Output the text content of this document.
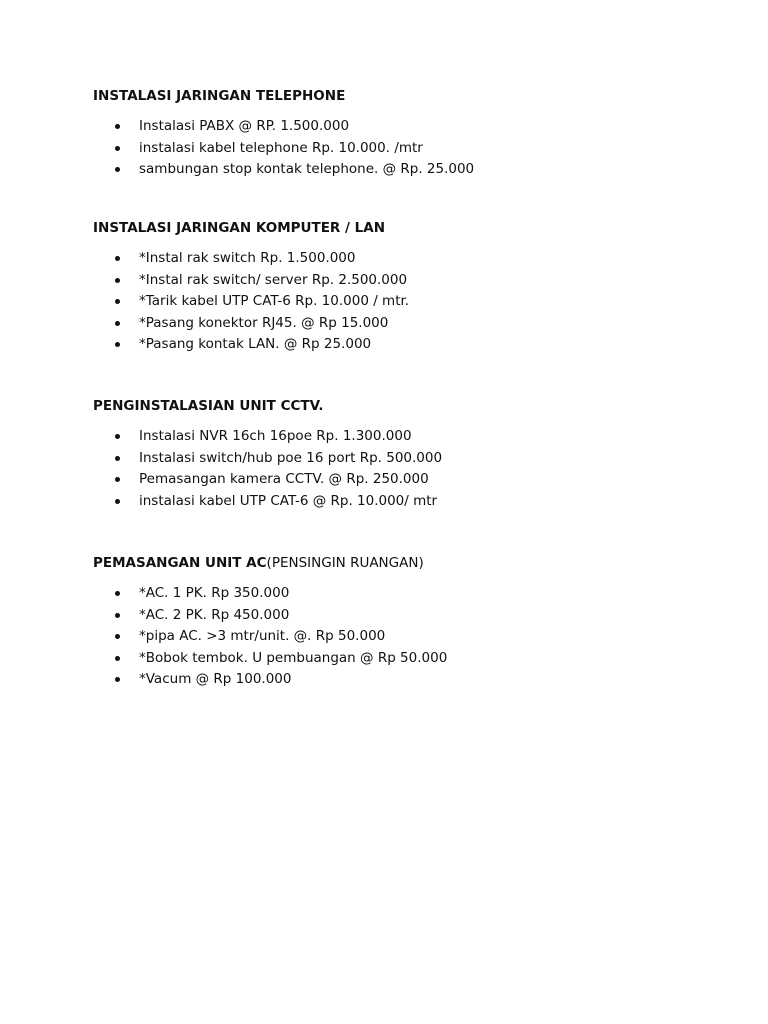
INSTALASI JARINGAN TELEPHONE
Instalasi PABX @ RP. 1.500.000
instalasi kabel telephone Rp. 10.000. /mtr
sambungan stop kontak telephone. @ Rp. 25.000
INSTALASI JARINGAN KOMPUTER / LAN
*Instal rak switch Rp. 1.500.000
*Instal rak switch/ server Rp. 2.500.000
*Tarik kabel UTP CAT-6 Rp. 10.000 / mtr.
*Pasang konektor RJ45. @ Rp 15.000
*Pasang kontak LAN. @ Rp 25.000
PENGINSTALASIAN UNIT CCTV.
Instalasi NVR 16ch 16poe Rp. 1.300.000
Instalasi switch/hub poe 16 port Rp. 500.000
Pemasangan kamera CCTV. @ Rp. 250.000
instalasi kabel UTP CAT-6 @ Rp. 10.000/ mtr
PEMASANGAN UNIT AC(PENSINGIN RUANGAN)
*AC. 1 PK. Rp 350.000
*AC. 2 PK. Rp 450.000
*pipa AC. >3 mtr/unit. @. Rp 50.000
*Bobok tembok. U pembuangan @ Rp 50.000
*Vacum @ Rp 100.000
